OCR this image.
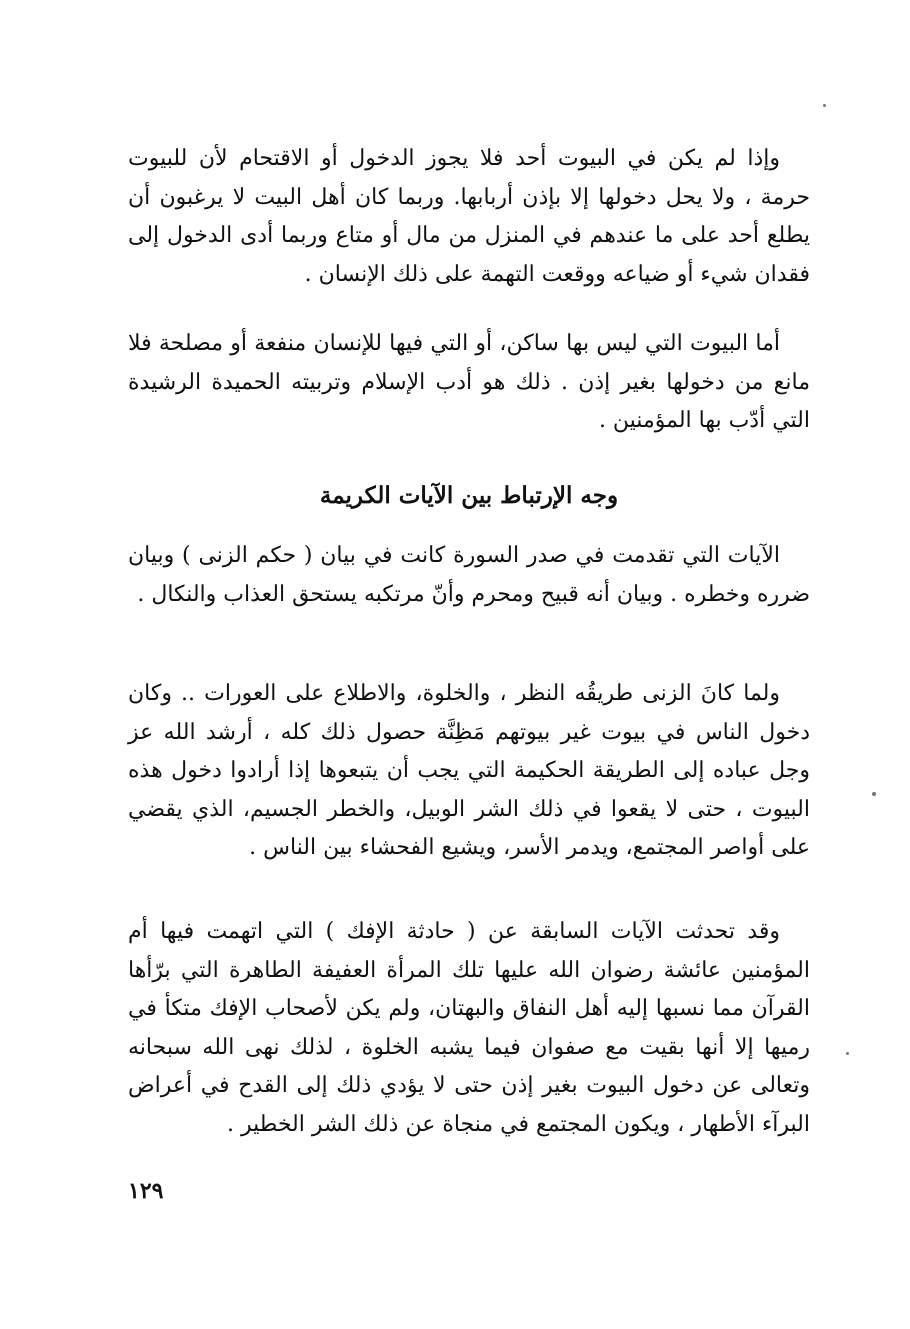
وإذا لم يكن في البيوت أحد فلا يجوز الدخول أو الاقتحام لأن للبيوت حرمة ، ولا يحل دخولها إلا بإذن أربابها. وربما كان أهل البيت لا يرغبون أن يطلع أحد على ما عندهم في المنزل من مال أو متاع وربما أدى الدخول إلى فقدان شيء أو ضياعه ووقعت التهمة على ذلك الإنسان .

أما البيوت التي ليس بها ساكن، أو التي فيها للإنسان منفعة أو مصلحة فلا مانع من دخولها بغير إذن . ذلك هو أدب الإسلام وتربيته الحميدة الرشيدة التي أدّب بها المؤمنين .

وجه الإرتباط بين الآيات الكريمة

الآيات التي تقدمت في صدر السورة كانت في بيان ( حكم الزنى ) وبيان ضرره وخطره . وبيان أنه قبيح ومحرم وأنّ مرتكبه يستحق العذاب والنكال .

ولما كانَ الزنى طريقُه النظر ، والخلوة، والاطلاع على العورات .. وكان دخول الناس في بيوت غير بيوتهم مَظِنَّة حصول ذلك كله ، أرشد الله عز وجل عباده إلى الطريقة الحكيمة التي يجب أن يتبعوها إذا أرادوا دخول هذه البيوت ، حتى لا يقعوا في ذلك الشر الوبيل، والخطر الجسيم، الذي يقضي على أواصر المجتمع، ويدمر الأسر، ويشيع الفحشاء بين الناس .

وقد تحدثت الآيات السابقة عن ( حادثة الإفك ) التي اتهمت فيها أم المؤمنين عائشة رضوان الله عليها تلك المرأة العفيفة الطاهرة التي برّأها القرآن مما نسبها إليه أهل النفاق والبهتان، ولم يكن لأصحاب الإفك متكأ في رميها إلا أنها بقيت مع صفوان فيما يشبه الخلوة ، لذلك نهى الله سبحانه وتعالى عن دخول البيوت بغير إذن حتى لا يؤدي ذلك إلى القدح في أعراض البرآء الأطهار ، ويكون المجتمع في منجاة عن ذلك الشر الخطير .

١٢٩
